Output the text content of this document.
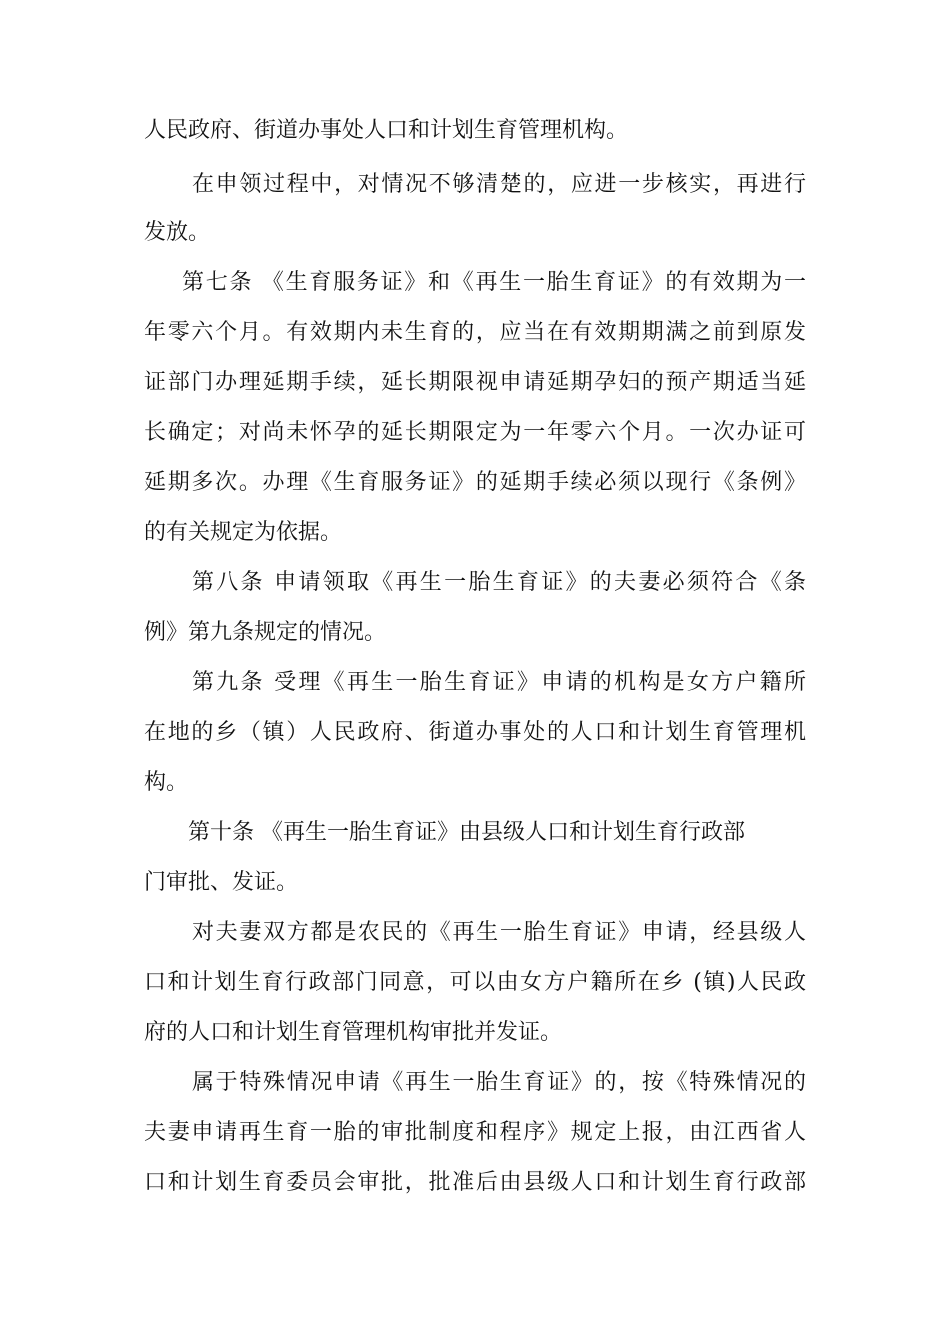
人民政府、街道办事处人口和计划生育管理机构。

在申领过程中，对情况不够清楚的，应进一步核实，再进行

发放。

第七条 《生育服务证》和《再生一胎生育证》的有效期为一

年零六个月。有效期内未生育的，应当在有效期期满之前到原发

证部门办理延期手续，延长期限视申请延期孕妇的预产期适当延

长确定；对尚未怀孕的延长期限定为一年零六个月。一次办证可

延期多次。办理《生育服务证》的延期手续必须以现行《条例》

的有关规定为依据。

第八条 申请领取《再生一胎生育证》的夫妻必须符合《条

例》第九条规定的情况。

第九条 受理《再生一胎生育证》申请的机构是女方户籍所

在地的乡（镇）人民政府、街道办事处的人口和计划生育管理机

构。

第十条 《再生一胎生育证》由县级人口和计划生育行政部

门审批、发证。

对夫妻双方都是农民的《再生一胎生育证》申请，经县级人

口和计划生育行政部门同意，可以由女方户籍所在乡 (镇)人民政

府的人口和计划生育管理机构审批并发证。

属于特殊情况申请《再生一胎生育证》的，按《特殊情况的

夫妻申请再生育一胎的审批制度和程序》规定上报，由江西省人

口和计划生育委员会审批，批准后由县级人口和计划生育行政部
